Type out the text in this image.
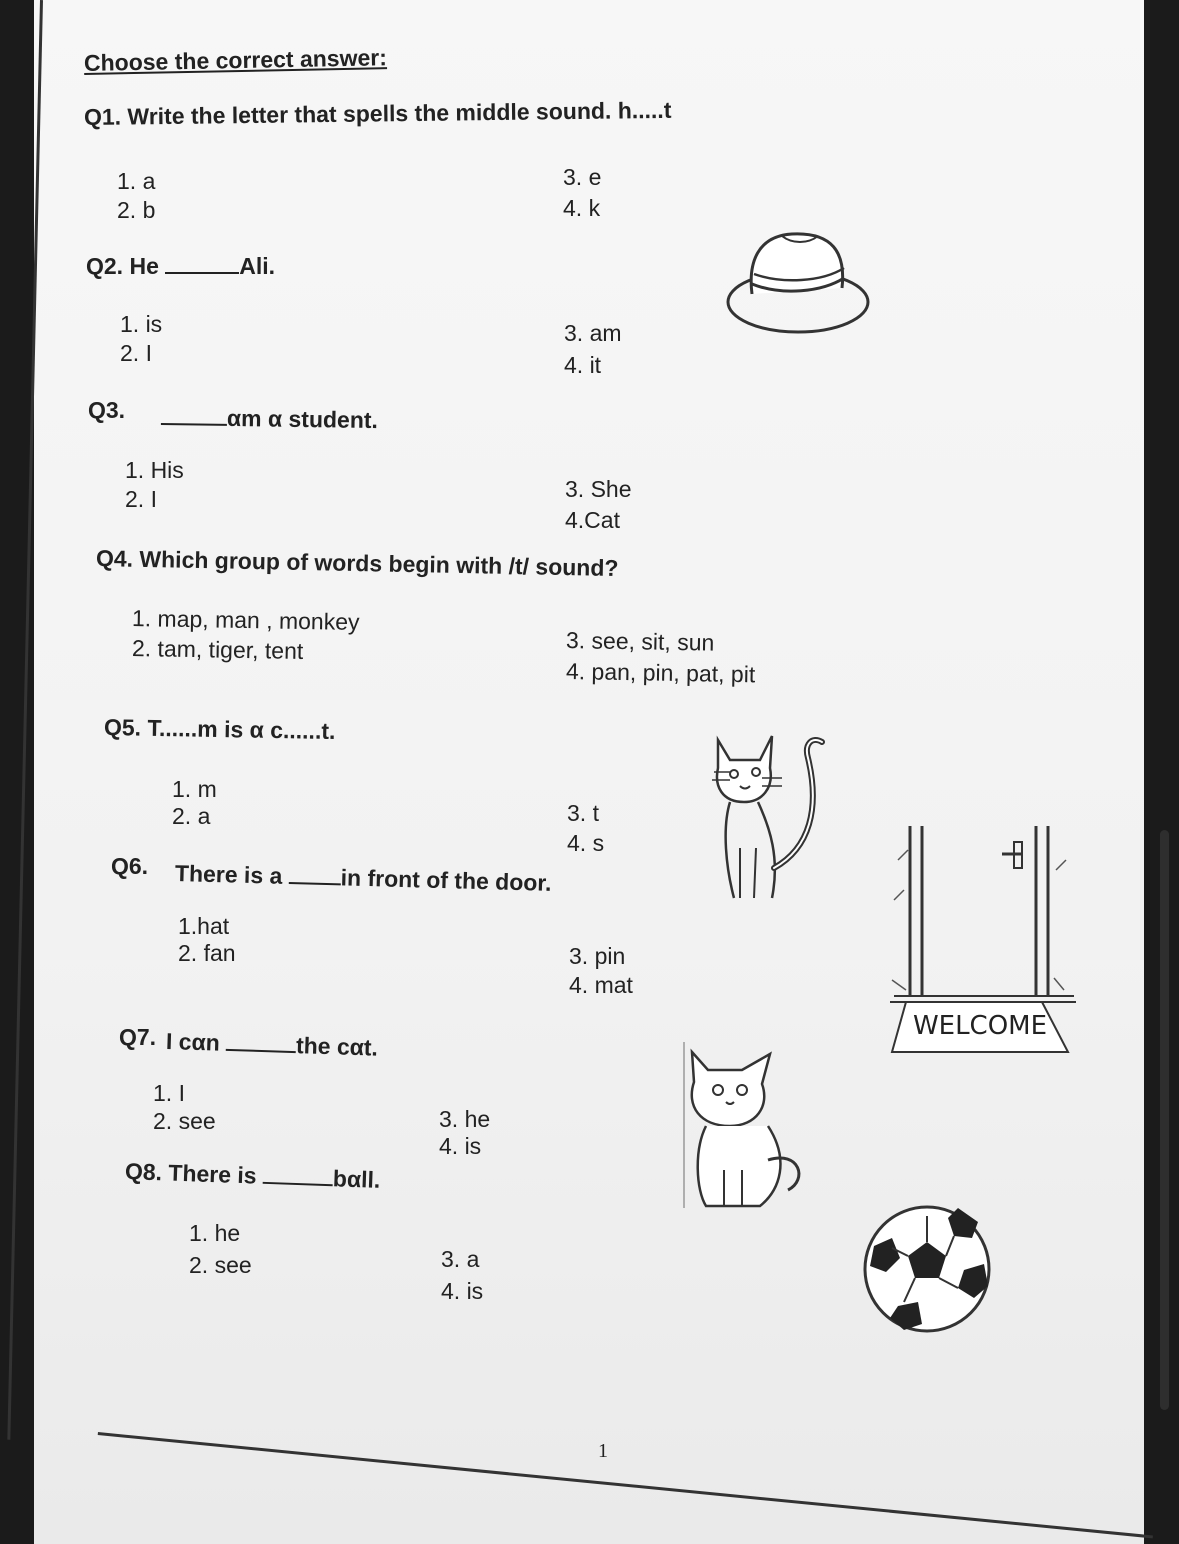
Choose the correct answer:
Q1. Write the letter that spells the middle sound. h.....t
1. a
2. b
3. e
4. k
Q2. He	Ali.
1. is
2. I
3. am
4. it
Q3.	αm α student.
1. His
2. I	3. She
4.Cat
Q4. Which group of words begin with /t/ sound?
1. map, man , monkey
2. tam, tiger, tent	3. see, sit, sun
4. pan, pin, pat, pit
Q5. T......m is α c......t.
1. m
2. a	3. t
4. s
Q6. There is a	in front of the door.
1.hat
2. fan	3. pin
4. mat
Q7. I cαn	the cαt.
1. I
2. see	3. he
4. is
Q8. There is	bαll.
1. he
2. see	3. a
4. is
WELCOME
1
